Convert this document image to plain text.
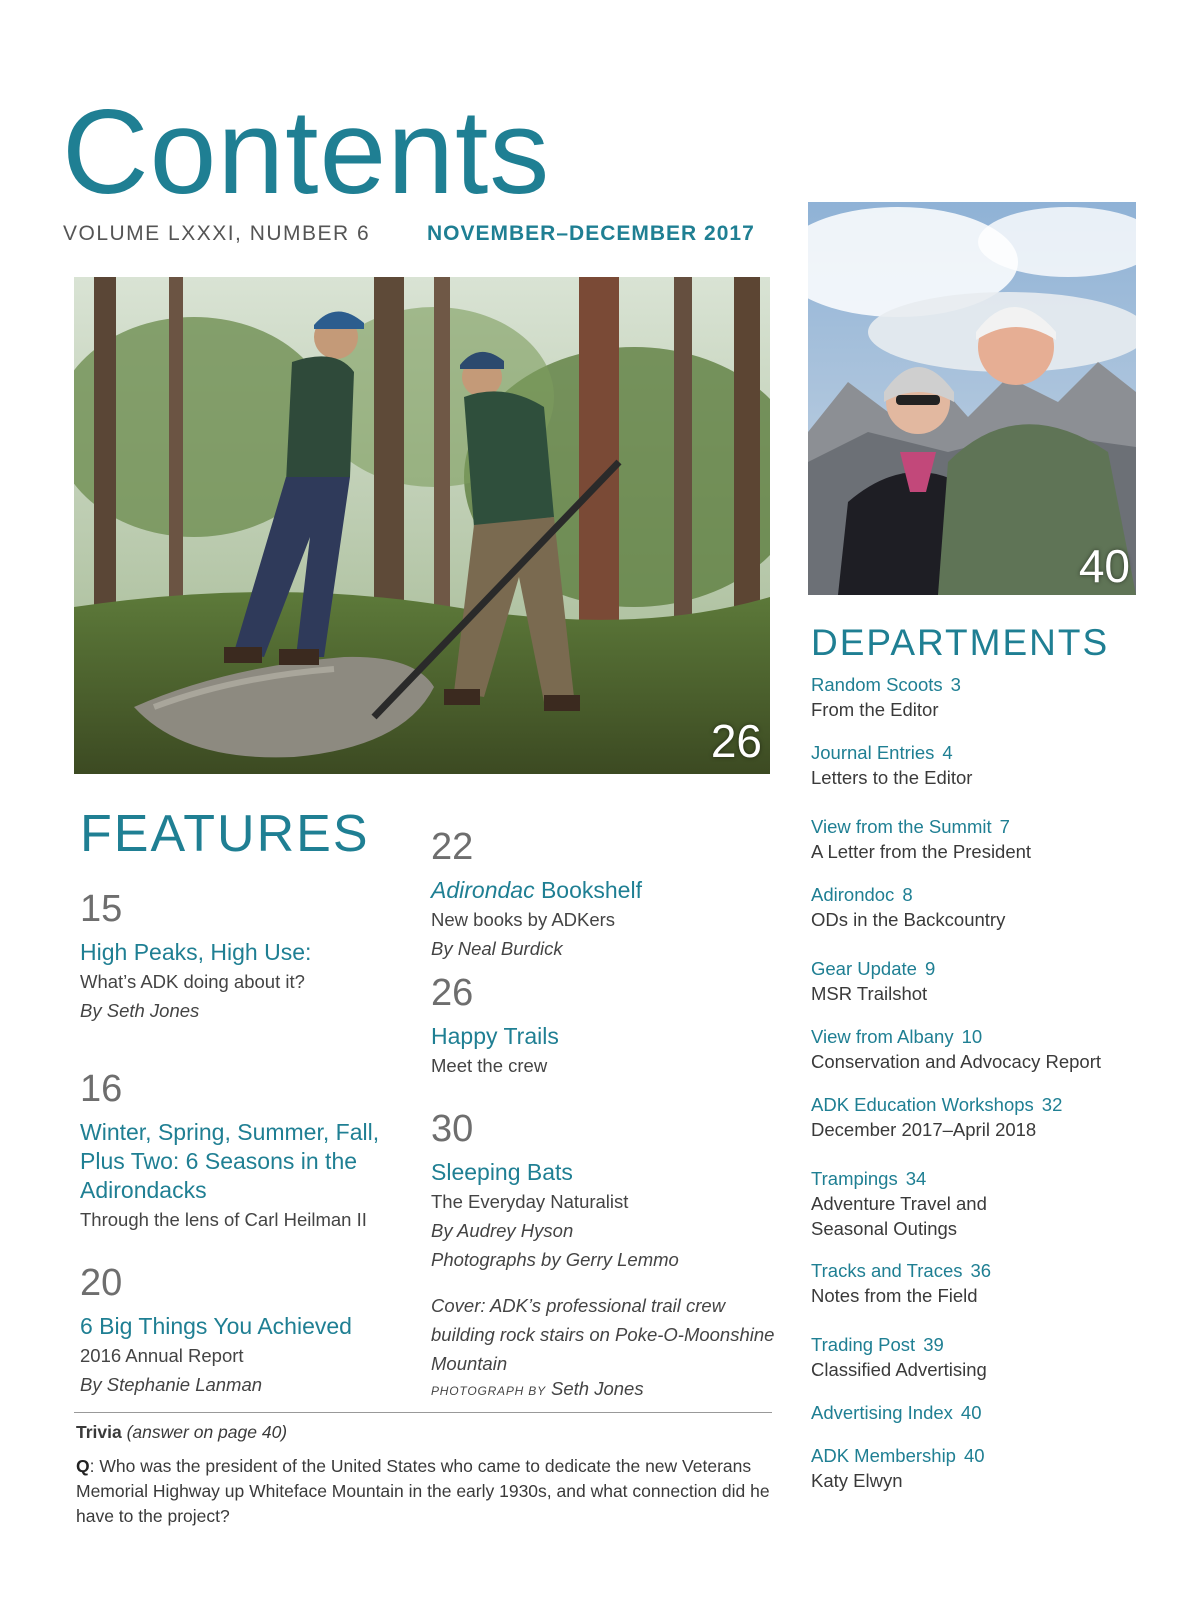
Contents
VOLUME LXXXI, NUMBER 6	NOVEMBER–DECEMBER 2017
26
40
FEATURES
15
High Peaks, High Use:
What’s ADK doing about it?
By Seth Jones
16
Winter, Spring, Summer, Fall, Plus Two: 6 Seasons in the Adirondacks
Through the lens of Carl Heilman II
20
6 Big Things You Achieved
2016 Annual Report
By Stephanie Lanman
22
Adirondac Bookshelf
New books by ADKers
By Neal Burdick
26
Happy Trails
Meet the crew
30
Sleeping Bats
The Everyday Naturalist
By Audrey Hyson
Photographs by Gerry Lemmo
Cover: ADK’s professional trail crew building rock stairs on Poke-O-Moonshine Mountain
PHOTOGRAPH BY Seth Jones
Trivia (answer on page 40)
Q: Who was the president of the United States who came to dedicate the new Veterans Memorial Highway up Whiteface Mountain in the early 1930s, and what connection did he have to the project?
DEPARTMENTS
Random Scoots 3
From the Editor
Journal Entries 4
Letters to the Editor
View from the Summit 7
A Letter from the President
Adirondoc 8
ODs in the Backcountry
Gear Update 9
MSR Trailshot
View from Albany 10
Conservation and Advocacy Report
ADK Education Workshops 32
December 2017–April 2018
Trampings 34
Adventure Travel and Seasonal Outings
Tracks and Traces 36
Notes from the Field
Trading Post 39
Classified Advertising
Advertising Index 40
ADK Membership 40
Katy Elwyn
